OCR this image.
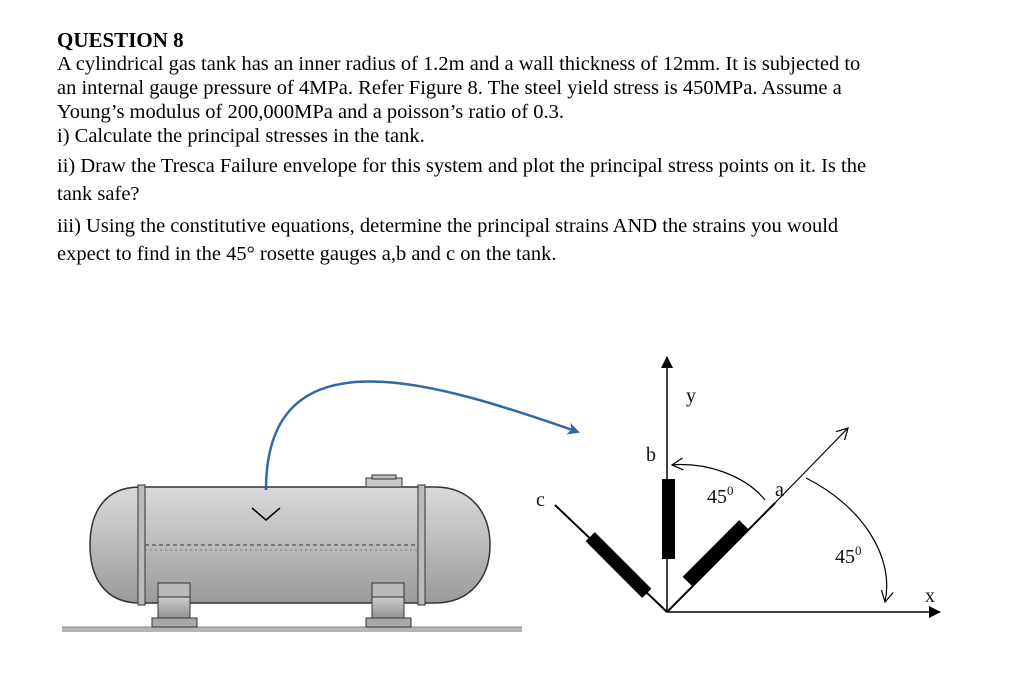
QUESTION 8

A cylindrical gas tank has an inner radius of 1.2m and a wall thickness of 12mm. It is subjected to

an internal gauge pressure of 4MPa. Refer Figure 8. The steel yield stress is 450MPa. Assume a

Young’s modulus of 200,000MPa and a poisson’s ratio of 0.3.

i) Calculate the principal stresses in the tank.

ii) Draw the Tresca Failure envelope for this system and plot the principal stress points on it. Is the

tank safe?

iii) Using the constitutive equations, determine the principal strains AND the strains you would

expect to find in the 45° rosette gauges a,b and c on the tank.

y
x
b
c	a
$45^0$
$45^0$
